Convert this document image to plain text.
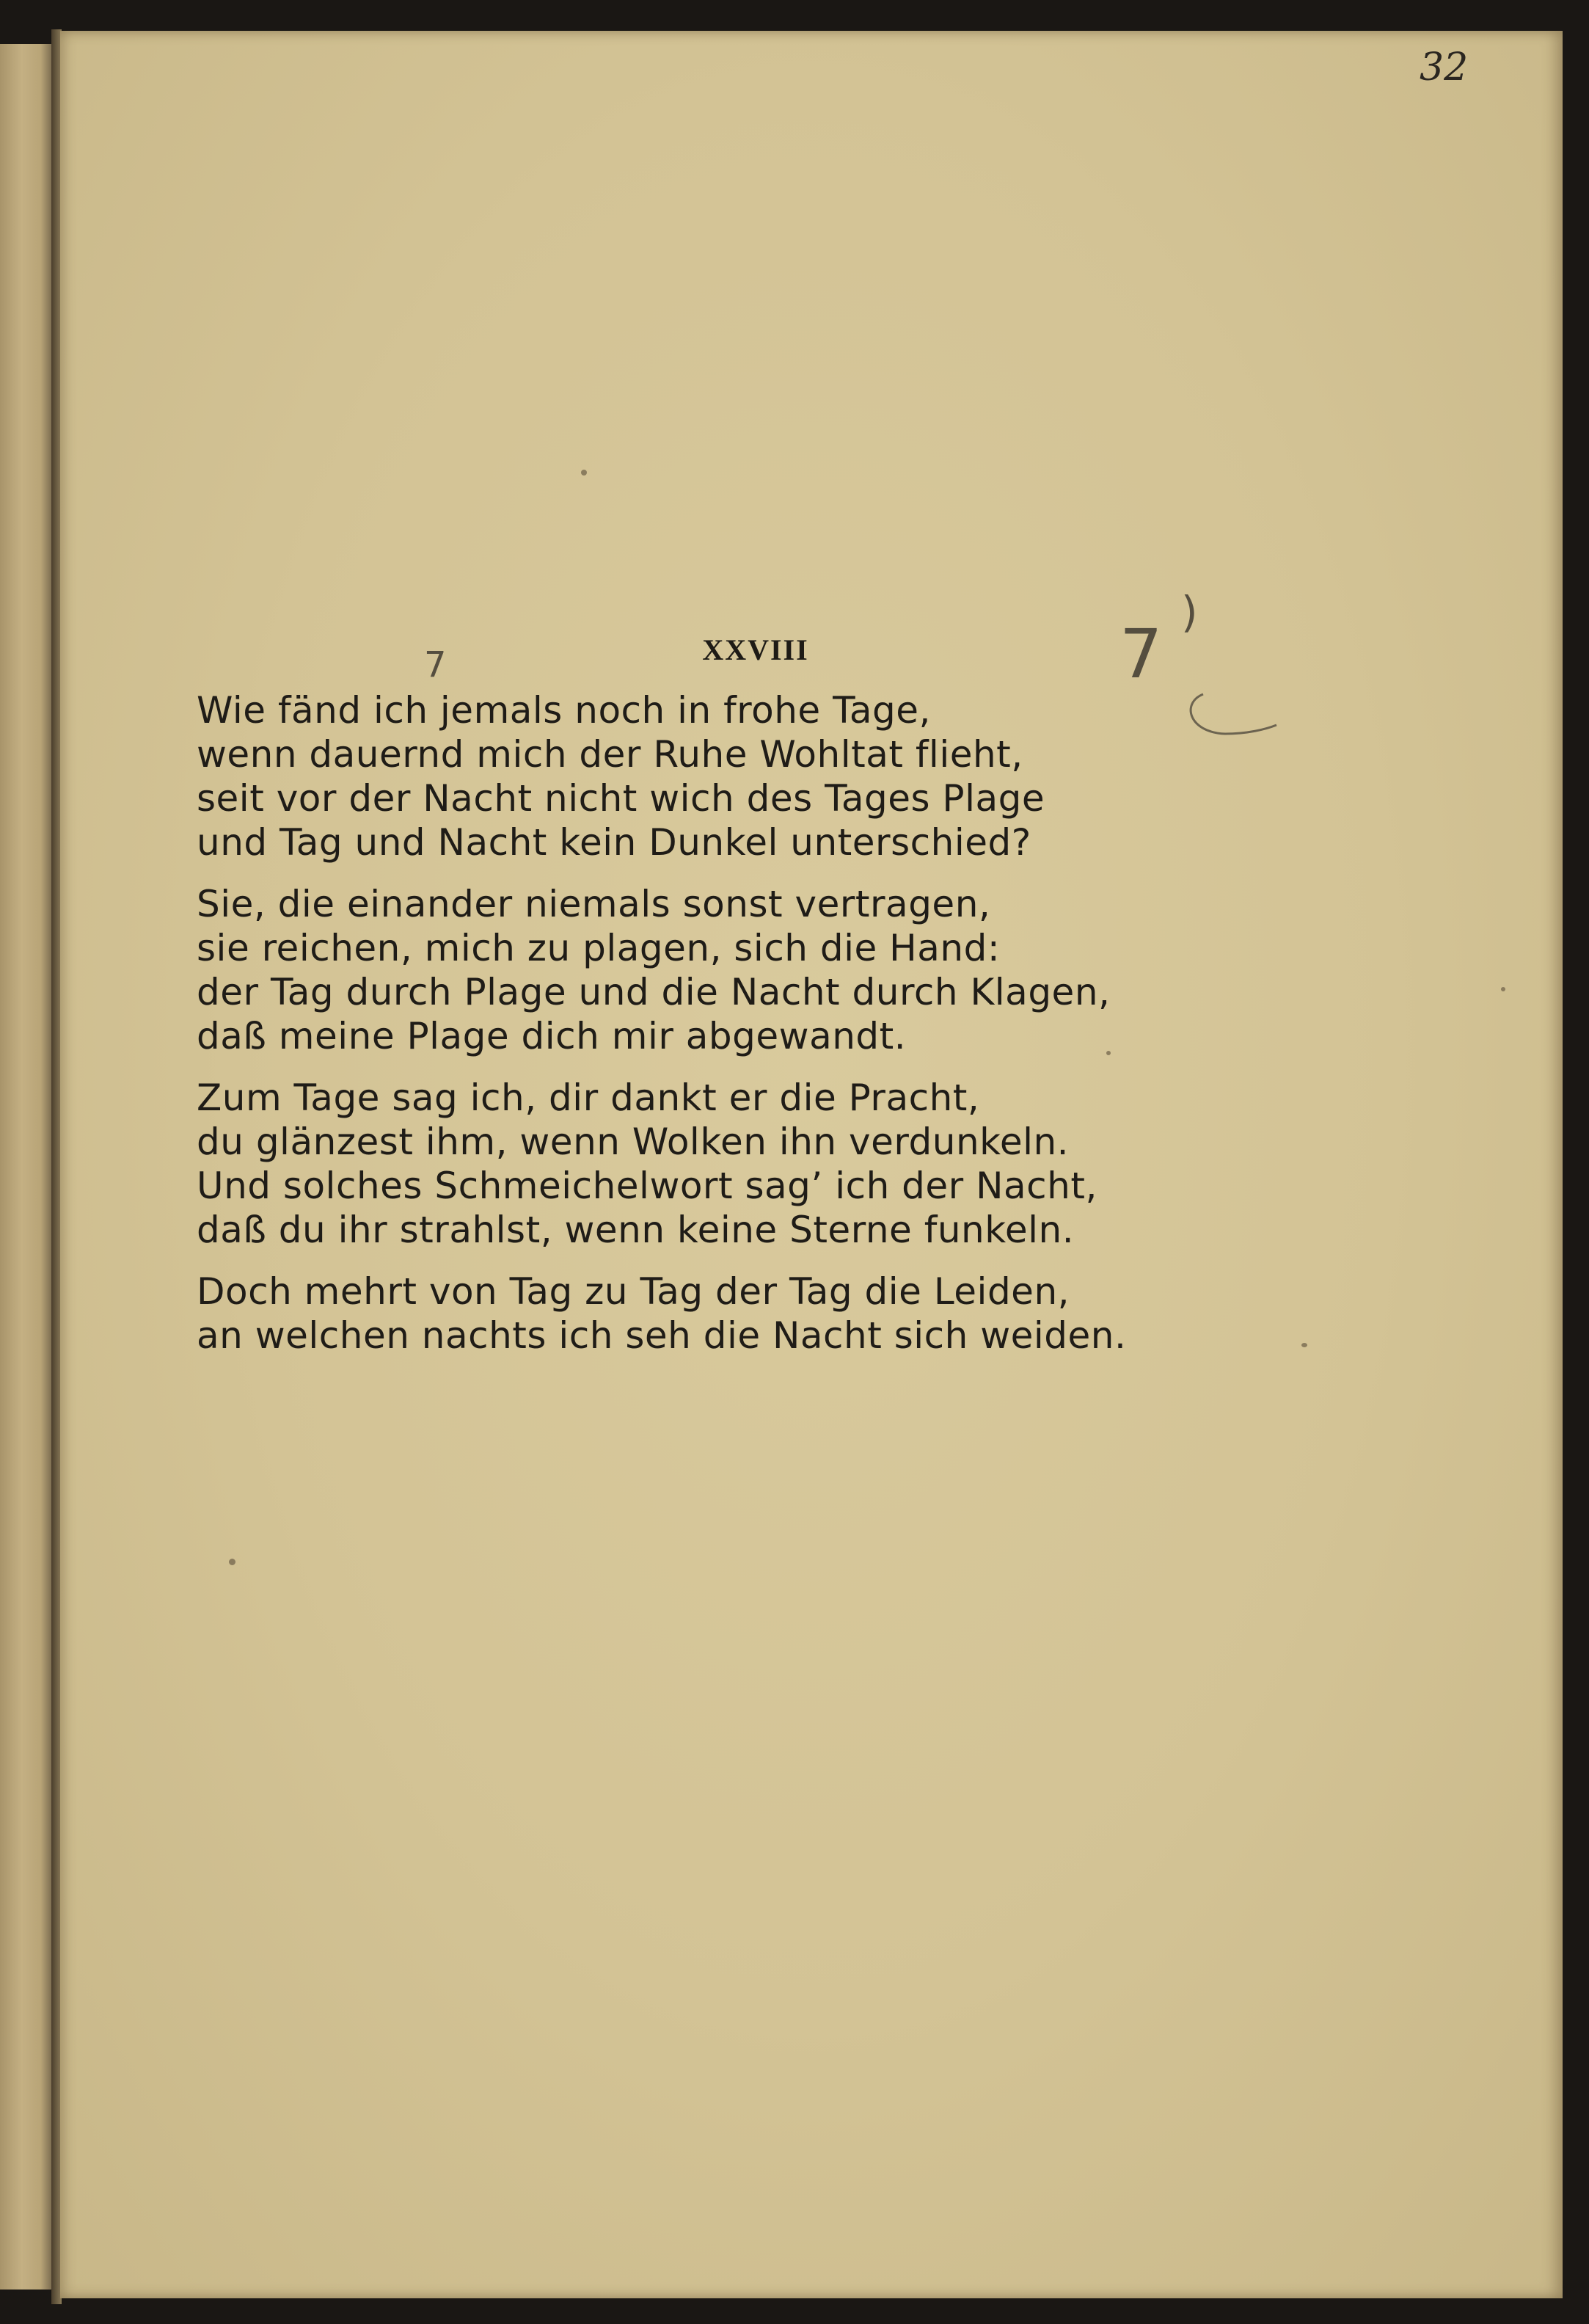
32
7	7
)
XXVIII
Wie fänd ich jemals noch in frohe Tage,
wenn dauernd mich der Ruhe Wohltat flieht,
seit vor der Nacht nicht wich des Tages Plage
und Tag und Nacht kein Dunkel unterschied?
Sie, die einander niemals sonst vertragen,
sie reichen, mich zu plagen, sich die Hand:
der Tag durch Plage und die Nacht durch Klagen,
daß meine Plage dich mir abgewandt.
Zum Tage sag ich, dir dankt er die Pracht,
du glänzest ihm, wenn Wolken ihn verdunkeln.
Und solches Schmeichelwort sag’ ich der Nacht,
daß du ihr strahlst, wenn keine Sterne funkeln.
Doch mehrt von Tag zu Tag der Tag die Leiden,
an welchen nachts ich seh die Nacht sich weiden.
